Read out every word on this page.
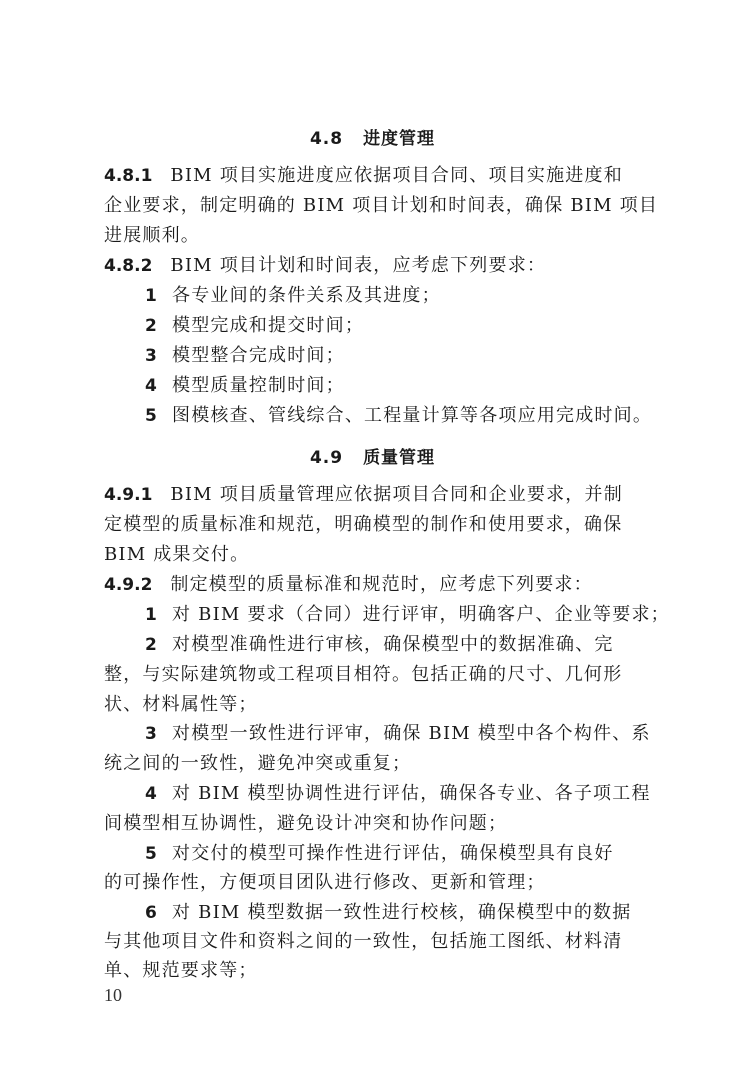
4.8 进度管理
4.8.1 BIM 项目实施进度应依据项目合同、项目实施进度和
企业要求，制定明确的 BIM 项目计划和时间表，确保 BIM 项目
进展顺利。
4.8.2 BIM 项目计划和时间表，应考虑下列要求：
1 各专业间的条件关系及其进度；
2 模型完成和提交时间；
3 模型整合完成时间；
4 模型质量控制时间；
5 图模核查、管线综合、工程量计算等各项应用完成时间。
4.9 质量管理
4.9.1 BIM 项目质量管理应依据项目合同和企业要求，并制
定模型的质量标准和规范，明确模型的制作和使用要求，确保
BIM 成果交付。
4.9.2 制定模型的质量标准和规范时，应考虑下列要求：
1 对 BIM 要求（合同）进行评审，明确客户、企业等要求；
2 对模型准确性进行审核，确保模型中的数据准确、完
整，与实际建筑物或工程项目相符。包括正确的尺寸、几何形
状、材料属性等；
3 对模型一致性进行评审，确保 BIM 模型中各个构件、系
统之间的一致性，避免冲突或重复；
4 对 BIM 模型协调性进行评估，确保各专业、各子项工程
间模型相互协调性，避免设计冲突和协作问题；
5 对交付的模型可操作性进行评估，确保模型具有良好
的可操作性，方便项目团队进行修改、更新和管理；
6 对 BIM 模型数据一致性进行校核，确保模型中的数据
与其他项目文件和资料之间的一致性，包括施工图纸、材料清
单、规范要求等；
10
